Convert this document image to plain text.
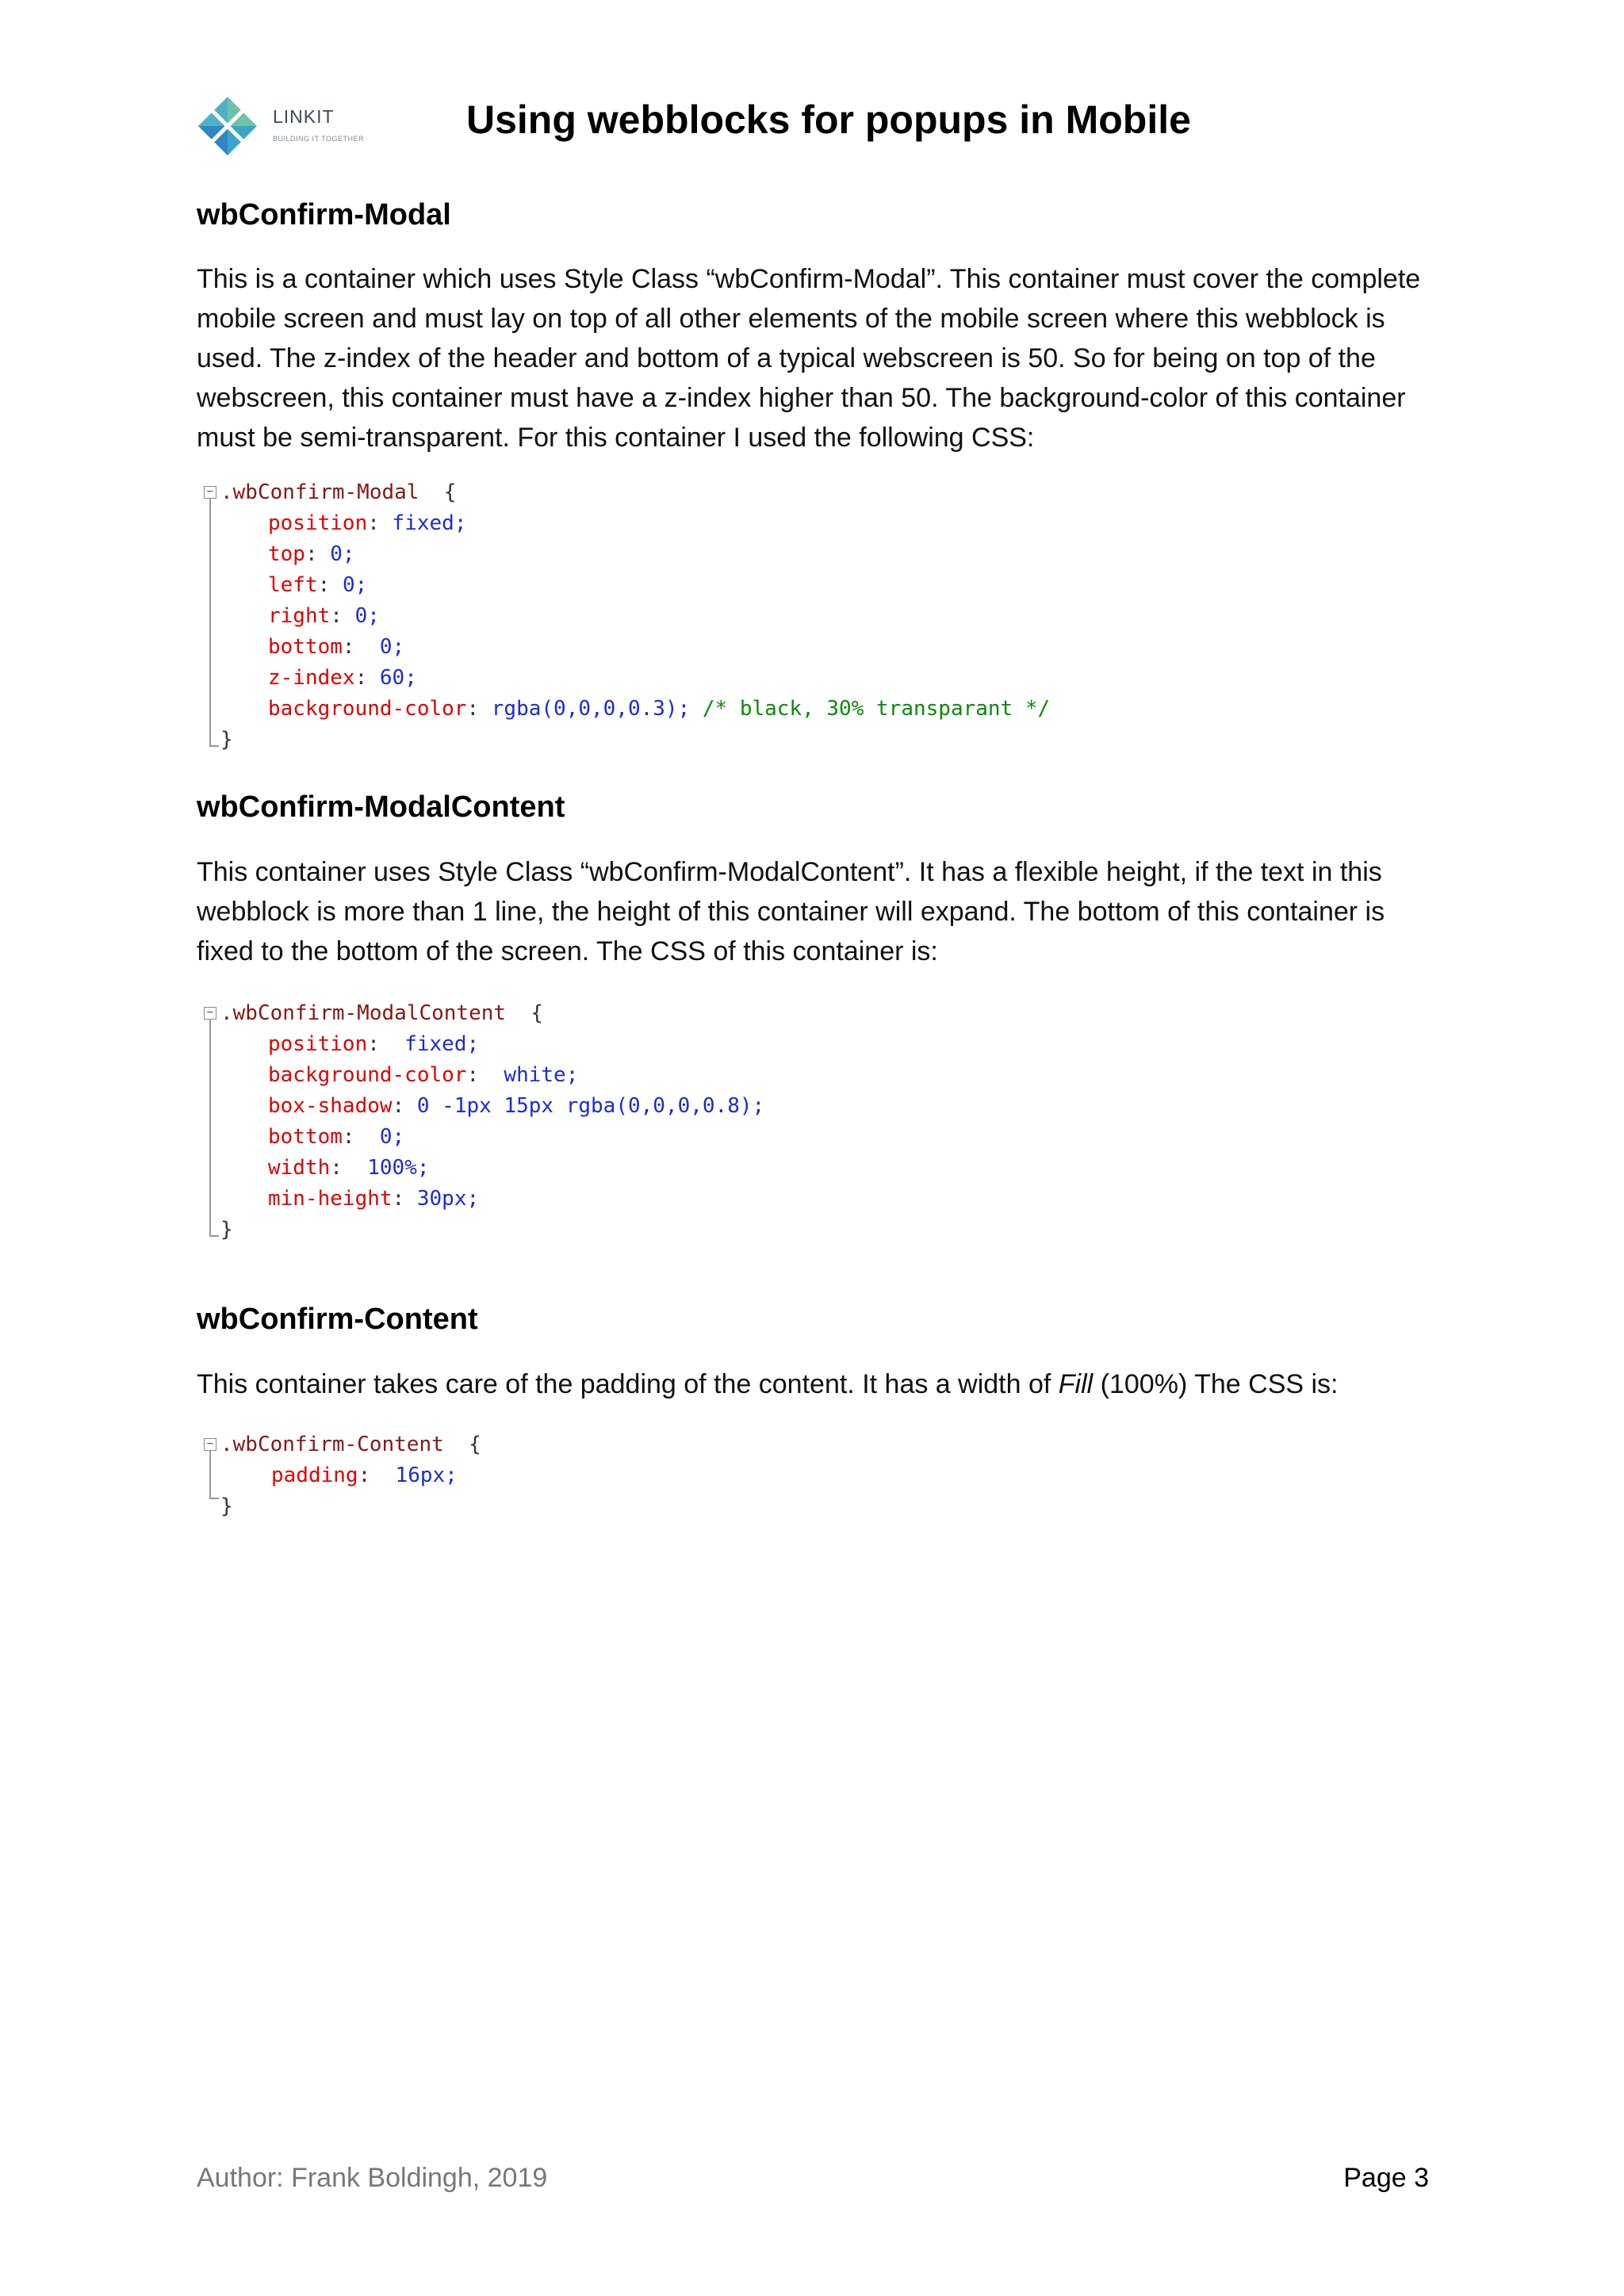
LINKIT
BUILDING IT TOGETHER	Using webblocks for popups in Mobile
wbConfirm-Modal

This is a container which uses Style Class “wbConfirm-Modal”. This container must cover the complete mobile screen and must lay on top of all other elements of the mobile screen where this webblock is used. The z-index of the header and bottom of a typical webscreen is 50. So for being on top of the webscreen, this container must have a z-index higher than 50. The background-color of this container must be semi-transparent. For this container I used the following CSS:

− .wbConfirm-Modal {
position: fixed;
top: 0;
left: 0;
right: 0;
bottom:  0;
z-index: 60;
background-color: rgba(0,0,0,0.3); /* black, 30% transparant */
}
wbConfirm-ModalContent

This container uses Style Class “wbConfirm-ModalContent”. It has a flexible height, if the text in this webblock is more than 1 line, the height of this container will expand. The bottom of this container is fixed to the bottom of the screen. The CSS of this container is:

− .wbConfirm-ModalContent {
position:  fixed;
background-color:  white;
box-shadow: 0 -1px 15px rgba(0,0,0,0.8);
bottom:  0;
width:  100%;
min-height: 30px;
}
wbConfirm-Content

This container takes care of the padding of the content. It has a width of Fill (100%) The CSS is:

− .wbConfirm-Content {
padding:  16px;
}
Author: Frank Boldingh, 2019	Page 3
